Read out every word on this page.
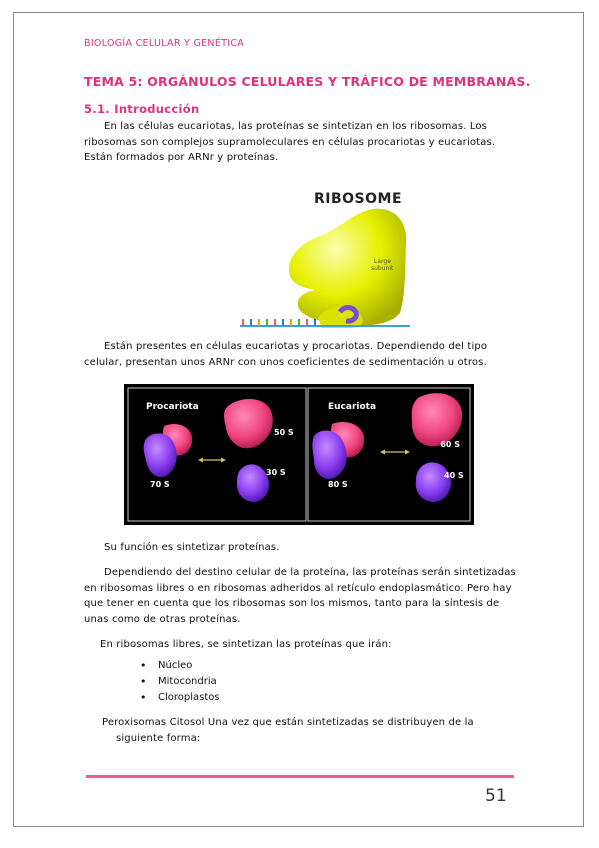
BIOLOGÍA CELULAR Y GENÉTICA
TEMA 5: ORGÁNULOS CELULARES Y TRÁFICO DE MEMBRANAS.
5.1. Introducción

En las células eucariotas, las proteínas se sintetizan en los ribosomas. Los ribosomas son complejos supramoleculares en células procariotas y eucariotas. Están formados por ARNr y proteínas.

RIBOSOME
Large
subunit

Están presentes en células eucariotas y procariotas. Dependiendo del tipo celular, presentan unos ARNr con unos coeficientes de sedimentación u otros.

Procariota
70 S
50 S
30 S
Eucariota
80 S
60 S
40 S

Su función es sintetizar proteínas.

Dependiendo del destino celular de la proteína, las proteínas serán sintetizadas en ribosomas libres o en ribosomas adheridos al retículo endoplasmático. Pero hay que tener en cuenta que los ribosomas son los mismos, tanto para la síntesis de unas como de otras proteínas.

En ribosomas libres, se sintetizan las proteínas que irán:

• Núcleo
• Mitocondria
• Cloroplastos

Peroxisomas Citosol Una vez que están sintetizadas se distribuyen de la
siguiente forma:

51
